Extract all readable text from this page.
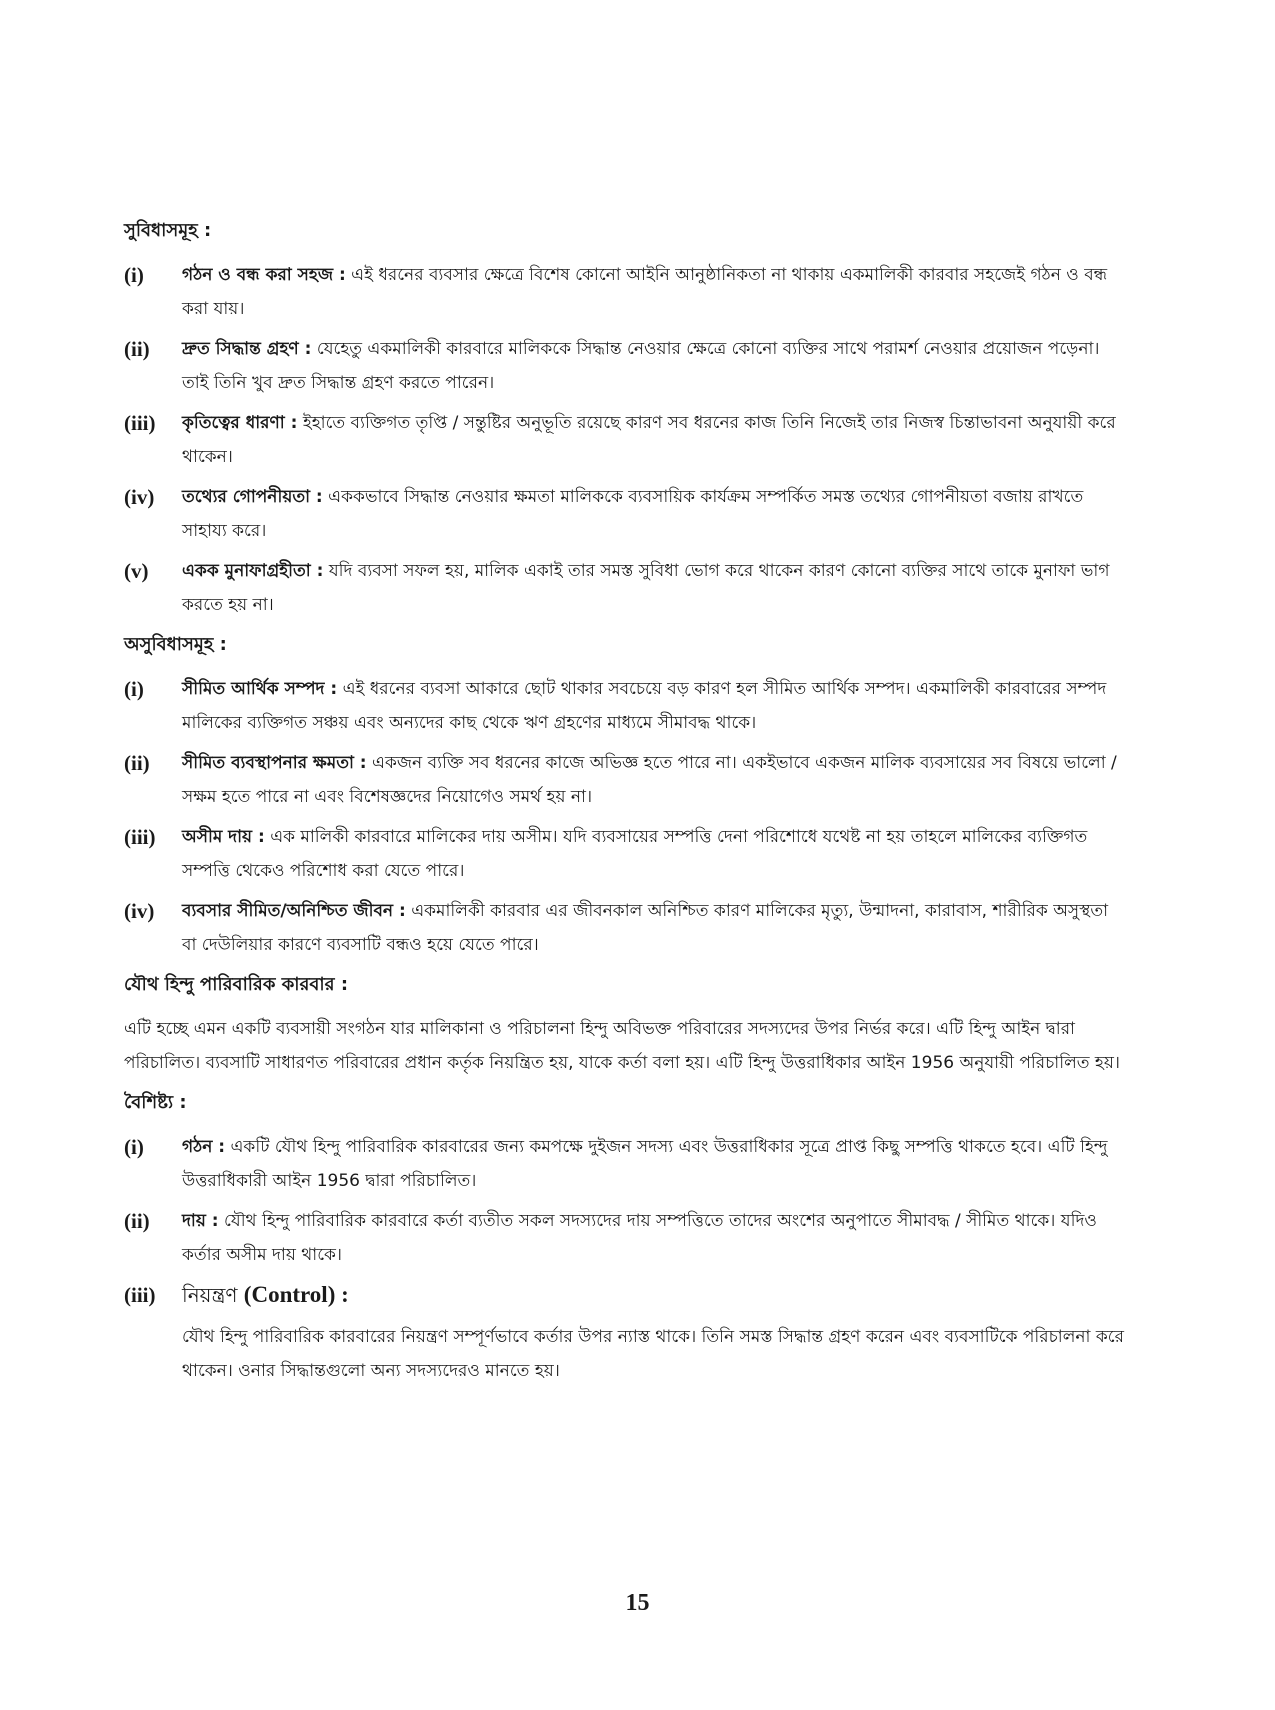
সুবিধাসমূহ :
(i) গঠন ও বন্ধ করা সহজ : এই ধরনের ব্যবসার ক্ষেত্রে বিশেষ কোনো আইনি আনুষ্ঠানিকতা না থাকায় একমালিকী কারবার সহজেই গঠন ও বন্ধ করা যায়।
(ii) দ্রুত সিদ্ধান্ত গ্রহণ : যেহেতু একমালিকী কারবারে মালিককে সিদ্ধান্ত নেওয়ার ক্ষেত্রে কোনো ব্যক্তির সাথে পরামর্শ নেওয়ার প্রয়োজন পড়েনা। তাই তিনি খুব দ্রুত সিদ্ধান্ত গ্রহণ করতে পারেন।
(iii) কৃতিত্বের ধারণা : ইহাতে ব্যক্তিগত তৃপ্তি / সন্তুষ্টির অনুভূতি রয়েছে কারণ সব ধরনের কাজ তিনি নিজেই তার নিজস্ব চিন্তাভাবনা অনুযায়ী করে থাকেন।
(iv) তথ্যের গোপনীয়তা : এককভাবে সিদ্ধান্ত নেওয়ার ক্ষমতা মালিককে ব্যবসায়িক কার্যক্রম সম্পর্কিত সমস্ত তথ্যের গোপনীয়তা বজায় রাখতে সাহায্য করে।
(v) একক মুনাফাগ্রহীতা : যদি ব্যবসা সফল হয়, মালিক একাই তার সমস্ত সুবিধা ভোগ করে থাকেন কারণ কোনো ব্যক্তির সাথে তাকে মুনাফা ভাগ করতে হয় না।
অসুবিধাসমূহ :
(i) সীমিত আর্থিক সম্পদ : এই ধরনের ব্যবসা আকারে ছোট থাকার সবচেয়ে বড় কারণ হল সীমিত আর্থিক সম্পদ। একমালিকী কারবারের সম্পদ মালিকের ব্যক্তিগত সঞ্চয় এবং অন্যদের কাছ থেকে ঋণ গ্রহণের মাধ্যমে সীমাবদ্ধ থাকে।
(ii) সীমিত ব্যবস্থাপনার ক্ষমতা : একজন ব্যক্তি সব ধরনের কাজে অভিজ্ঞ হতে পারে না। একইভাবে একজন মালিক ব্যবসায়ের সব বিষয়ে ভালো / সক্ষম হতে পারে না এবং বিশেষজ্ঞদের নিয়োগেও সমর্থ হয় না।
(iii) অসীম দায় : এক মালিকী কারবারে মালিকের দায় অসীম। যদি ব্যবসায়ের সম্পত্তি দেনা পরিশোধে যথেষ্ট না হয় তাহলে মালিকের ব্যক্তিগত সম্পত্তি থেকেও পরিশোধ করা যেতে পারে।
(iv) ব্যবসার সীমিত/অনিশ্চিত জীবন : একমালিকী কারবার এর জীবনকাল অনিশ্চিত কারণ মালিকের মৃত্যু, উন্মাদনা, কারাবাস, শারীরিক অসুস্থতা বা দেউলিয়ার কারণে ব্যবসাটি বন্ধও হয়ে যেতে পারে।
যৌথ হিন্দু পারিবারিক কারবার :
এটি হচ্ছে এমন একটি ব্যবসায়ী সংগঠন যার মালিকানা ও পরিচালনা হিন্দু অবিভক্ত পরিবারের সদস্যদের উপর নির্ভর করে। এটি হিন্দু আইন দ্বারা পরিচালিত। ব্যবসাটি সাধারণত পরিবারের প্রধান কর্তৃক নিয়ন্ত্রিত হয়, যাকে কর্তা বলা হয়। এটি হিন্দু উত্তরাধিকার আইন 1956 অনুযায়ী পরিচালিত হয়।
বৈশিষ্ট্য :
(i) গঠন : একটি যৌথ হিন্দু পারিবারিক কারবারের জন্য কমপক্ষে দুইজন সদস্য এবং উত্তরাধিকার সূত্রে প্রাপ্ত কিছু সম্পত্তি থাকতে হবে। এটি হিন্দু উত্তরাধিকারী আইন 1956 দ্বারা পরিচালিত।
(ii) দায় : যৌথ হিন্দু পারিবারিক কারবারে কর্তা ব্যতীত সকল সদস্যদের দায় সম্পত্তিতে তাদের অংশের অনুপাতে সীমাবদ্ধ / সীমিত থাকে। যদিও কর্তার অসীম দায় থাকে।
(iii) নিয়ন্ত্রণ (Control) :
যৌথ হিন্দু পারিবারিক কারবারের নিয়ন্ত্রণ সম্পূর্ণভাবে কর্তার উপর ন্যাস্ত থাকে। তিনি সমস্ত সিদ্ধান্ত গ্রহণ করেন এবং ব্যবসাটিকে পরিচালনা করে থাকেন। ওনার সিদ্ধান্তগুলো অন্য সদস্যদেরও মানতে হয়।
15
